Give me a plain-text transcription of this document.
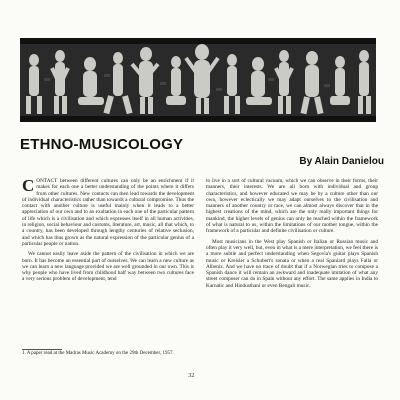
ETHNO-MUSICOLOGY
By Alain Danielou

CONTACT between different cultures can only be an enrichment if it makes for each one a better understanding of the points where it differs from other cultures. New contacts can then lead towards the development of individual characteristics rather than towards a cultural compromise. Thus the contact with another culture is useful mainly when it leads to a better appreciation of our own and to an exaltation in each one of the particular pattern of life which is a civilisation and which expresses itself in all human activities, in religion, social behaviour and customs, literature, art, music, all that which, to a country, has been developed through lengthy centuries of relative seclusion, and which has thus grown as the natural expression of the particular genius of a particular people or nation.

We cannot easily leave aside the pattern of the civilisation in which we are born. It has become an essential part of ourselves. We can learn a new culture as we can learn a new language provided we are well grounded in our own. This is why people who have lived from childhood half way between two cultures face a very serious problem of development, tend

to live in a sort of cultural vacuum, which we can observe in their forms, their manners, their interests. We are all born with individual and group characteristics, and however educated we may be by a culture other than our own, however eclectically we may adapt ourselves to the civilisation and manners of another country or race, we can almost always discover that in the highest creations of the mind, which are the only really important things for mankind, the higher levels of genius can only be reached within the framework of what is natural to us, within the limitations of our mother tongue, within the framework of a particular and definite civilisation or culture.

Most musicians in the West play Spanish or Italian or Russian music and often play it very well, but, even in what is a mere interpretation, we feel there is a more subtle and perfect understanding when Segovia's guitar plays Spanish music or Kreisler a Schubert's sonata or when a real Spaniard plays Falla or Albeniz. And we have no trace of doubt that if a Norwegian tries to compose a Spanish dance it will remain an awkward and inadequate imitation of what any street composer can do in Spain without any effort. The same applies in India to Karnatic and Hindusthani or even Bengali music.

1. A paper read at the Madras Music Academy on the 29th December, 1957.
32
